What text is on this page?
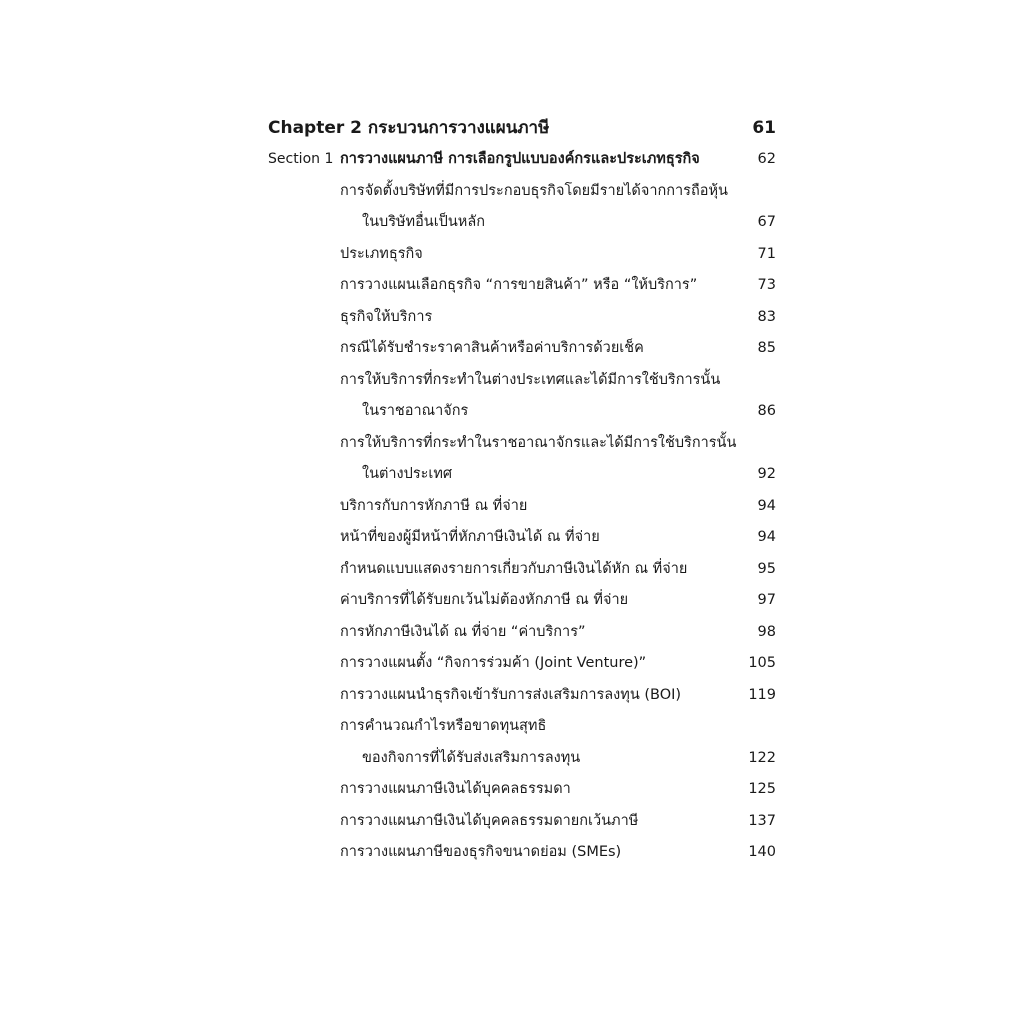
Chapter 2 กระบวนการวางแผนภาษี	61
Section 1 การวางแผนภาษี การเลือกรูปแบบองค์กรและประเภทธุรกิจ	62
การจัดตั้งบริษัทที่มีการประกอบธุรกิจโดยมีรายได้จากการถือหุ้น
ในบริษัทอื่นเป็นหลัก	67
ประเภทธุรกิจ	71
การวางแผนเลือกธุรกิจ “การขายสินค้า” หรือ “ให้บริการ”	73
ธุรกิจให้บริการ	83
กรณีได้รับชำระราคาสินค้าหรือค่าบริการด้วยเช็ค	85
การให้บริการที่กระทำในต่างประเทศและได้มีการใช้บริการนั้น
ในราชอาณาจักร	86
การให้บริการที่กระทำในราชอาณาจักรและได้มีการใช้บริการนั้น
ในต่างประเทศ	92
บริการกับการหักภาษี ณ ที่จ่าย	94
หน้าที่ของผู้มีหน้าที่หักภาษีเงินได้ ณ ที่จ่าย	94
กำหนดแบบแสดงรายการเกี่ยวกับภาษีเงินได้หัก ณ ที่จ่าย	95
ค่าบริการที่ได้รับยกเว้นไม่ต้องหักภาษี ณ ที่จ่าย	97
การหักภาษีเงินได้ ณ ที่จ่าย “ค่าบริการ”	98
การวางแผนตั้ง “กิจการร่วมค้า (Joint Venture)”	105
การวางแผนนำธุรกิจเข้ารับการส่งเสริมการลงทุน (BOI)	119
การคำนวณกำไรหรือขาดทุนสุทธิ
ของกิจการที่ได้รับส่งเสริมการลงทุน	122
การวางแผนภาษีเงินได้บุคคลธรรมดา	125
การวางแผนภาษีเงินได้บุคคลธรรมดายกเว้นภาษี	137
การวางแผนภาษีของธุรกิจขนาดย่อม (SMEs)	140
